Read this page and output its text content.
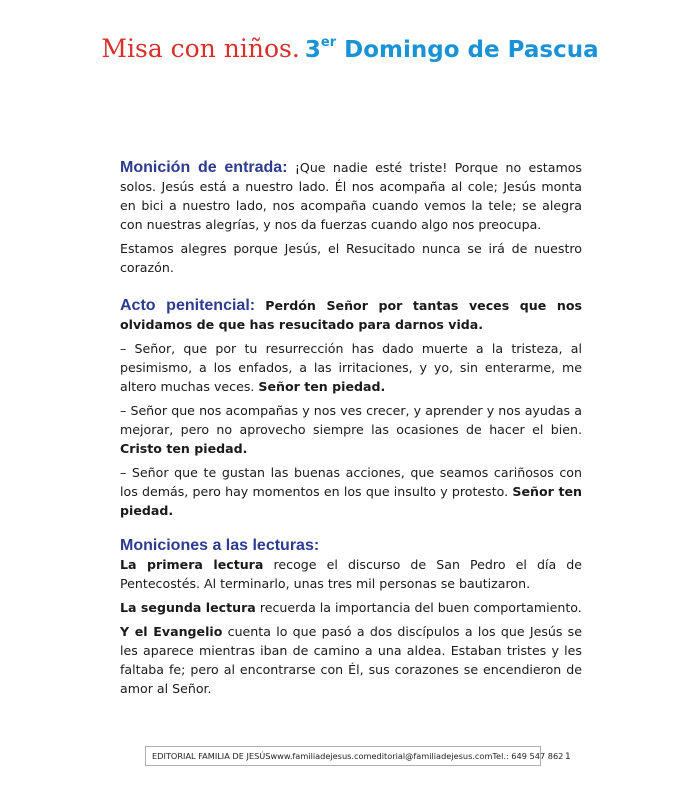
Misa con niños. 3er Domingo de Pascua

Monición de entrada: ¡Que nadie esté triste! Porque no estamos solos. Jesús está a nuestro lado. Él nos acompaña al cole; Jesús monta en bici a nuestro lado, nos acompaña cuando vemos la tele; se alegra con nuestras alegrías, y nos da fuerzas cuando algo nos preocupa.

Estamos alegres porque Jesús, el Resucitado nunca se irá de nuestro corazón.

Acto penitencial: Perdón Señor por tantas veces que nos olvidamos de que has resucitado para darnos vida.

– Señor, que por tu resurrección has dado muerte a la tristeza, al pesimismo, a los enfados, a las irritaciones, y yo, sin enterarme, me altero muchas veces. Señor ten piedad.

– Señor que nos acompañas y nos ves crecer, y aprender y nos ayudas a mejorar, pero no aprovecho siempre las ocasiones de hacer el bien. Cristo ten piedad.

– Señor que te gustan las buenas acciones, que seamos cariñosos con los demás, pero hay momentos en los que insulto y protesto. Señor ten piedad.

Moniciones a las lecturas:

La primera lectura recoge el discurso de San Pedro el día de Pentecostés. Al terminarlo, unas tres mil personas se bautizaron.

La segunda lectura recuerda la importancia del buen comportamiento.

Y el Evangelio cuenta lo que pasó a dos discípulos a los que Jesús se les aparece mientras iban de camino a una aldea. Estaban tristes y les faltaba fe; pero al encontrarse con Él, sus corazones se encendieron de amor al Señor.

EDITORIAL FAMILIA DE JESÚS www.familiadejesus.com editorial@familiadejesus.com Tel.: 649 547 862 1
